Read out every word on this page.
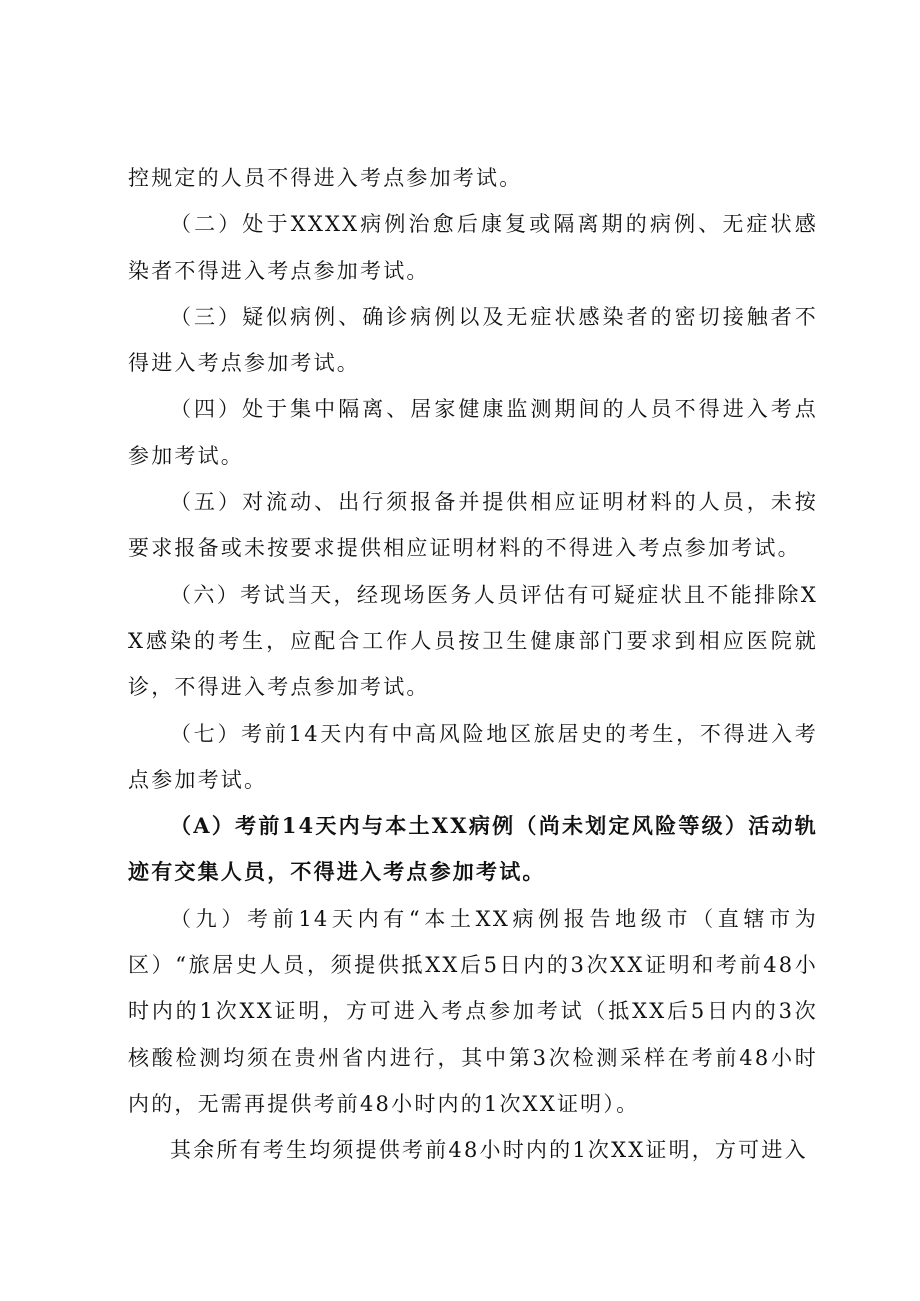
控规定的人员不得进入考点参加考试。

（二）处于XXXX病例治愈后康复或隔离期的病例、无症状感染者不得进入考点参加考试。

（三）疑似病例、确诊病例以及无症状感染者的密切接触者不得进入考点参加考试。

（四）处于集中隔离、居家健康监测期间的人员不得进入考点参加考试。

（五）对流动、出行须报备并提供相应证明材料的人员，未按要求报备或未按要求提供相应证明材料的不得进入考点参加考试。

（六）考试当天，经现场医务人员评估有可疑症状且不能排除XX感染的考生，应配合工作人员按卫生健康部门要求到相应医院就诊，不得进入考点参加考试。

（七）考前14天内有中高风险地区旅居史的考生，不得进入考点参加考试。

（A）考前14天内与本土XX病例（尚未划定风险等级）活动轨迹有交集人员，不得进入考点参加考试。

（九）考前14天内有“本土XX病例报告地级市（直辖市为区）“旅居史人员，须提供抵XX后5日内的3次XX证明和考前48小时内的1次XX证明，方可进入考点参加考试（抵XX后5日内的3次核酸检测均须在贵州省内进行，其中第3次检测采样在考前48小时内的，无需再提供考前48小时内的1次XX证明）。

其余所有考生均须提供考前48小时内的1次XX证明，方可进入
